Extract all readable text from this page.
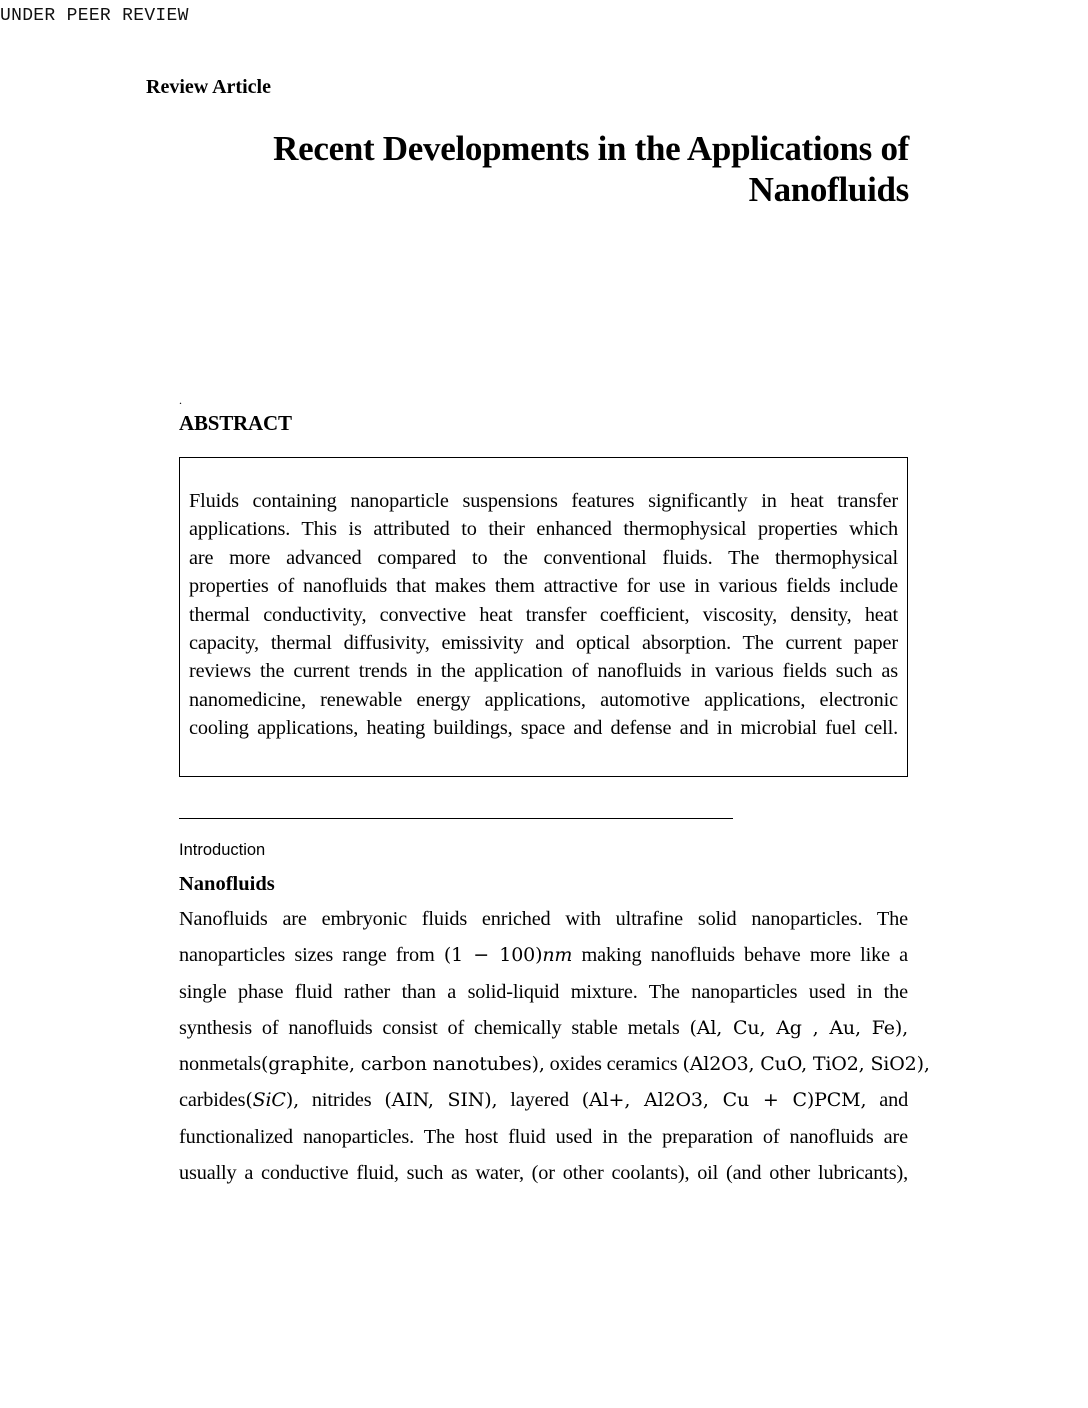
UNDER PEER REVIEW
Review Article
Recent Developments in the Applications of
Nanofluids
.
ABSTRACT

Fluids containing nanoparticle suspensions features significantly in heat transfer
applications. This is attributed to their enhanced thermophysical properties which
are more advanced compared to the conventional fluids. The thermophysical
properties of nanofluids that makes them attractive for use in various fields include
thermal conductivity, convective heat transfer coefficient, viscosity, density, heat
capacity, thermal diffusivity, emissivity and optical absorption. The current paper
reviews the current trends in the application of nanofluids in various fields such as
nanomedicine, renewable energy applications, automotive applications, electronic
cooling applications, heating buildings, space and defense and in microbial fuel cell.

Introduction
Nanofluids

Nanofluids are embryonic fluids enriched with ultrafine solid nanoparticles. The
nanoparticles sizes range from (1 − 100)nm making nanofluids behave more like a
single phase fluid rather than a solid-liquid mixture. The nanoparticles used in the
synthesis of nanofluids consist of chemically stable metals (Al, Cu, Ag , Au, Fe),
nonmetals(graphite, carbon nanotubes), oxides ceramics (Al2O3, CuO, TiO2, SiO2),
carbides(SiC), nitrides (AIN, SIN), layered (Al+, Al2O3, Cu + C)PCM, and
functionalized nanoparticles. The host fluid used in the preparation of nanofluids are
usually a conductive fluid, such as water, (or other coolants), oil (and other lubricants),
